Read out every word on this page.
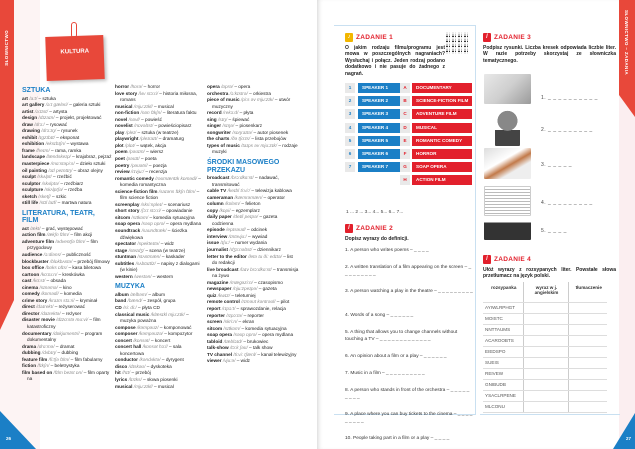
SŁOWNICTWO
26
KULTURA
SZTUKA
art /a:t/ – sztuka
art gallery /a:t gæləri/ – galeria sztuki
artist /a:tɪst/ – artysta
design /dɪzaɪn/ – projekt, projektować
draw /drɔ:/ – rysować
drawing /drɔ:ɪŋ/ – rysunek
exhibit /ɪgzɪbɪt/ – eksponat
exhibition /eksɪbɪʃn/ – wystawa
frame /freɪm/ – rama, ramka
landscape /lændskeɪp/ – krajobraz, pejzaż
masterpiece /mɑ:stəpi:s/ – dzieło sztuki
oil painting /ɔɪl peɪntɪŋ/ – obraz olejny
sculpt /skʌlpt/ – rzeźbić
sculptor /skʌlptə/ – rzeźbiarz
sculpture /skʌlptʃə/ – rzeźba
sketch /sketʃ/ – szkic
still life /stɪl laɪf/ – martwa natura
LITERATURA, TEATR, FILM
act /ækt/ – grać, występować
action film /ækʃn fɪlm/ – film akcji
adventure film /ədventʃə fɪlm/ – film przygodowy
audience /ɔ:diəns/ – publiczność
blockbuster /blɒkbʌstə/ – przebój filmowy
box office /bɒks ɒfɪs/ – kasa biletowa
cartoon /kɑ:tu:n/ – kreskówka
cast /kɑ:st/ – obsada
cinema /sɪnəmə/ – kino
comedy /kɒmədi/ – komedia
crime story /kraɪm stɔ:ri/ – kryminał
direct /daɪrekt/ – reżyserować
director /daɪrektə/ – reżyser
disaster movie /dɪzɑ:stə mu:vi/ – film katastroficzny
documentary /dɒkjumentri/ – program dokumentalny
drama /drɑ:mə/ – dramat
dubbing /dʌbɪŋ/ – dubbing
feature film /fi:tʃə fɪlm/ – film fabularny
fiction /fɪkʃn/ – beletrystyka
film based on /fɪlm beɪst ɒn/ – film oparty na
horror /hɒrə/ – horror
love story /lʌv stɔ:ri/ – historia miłosna, romans
musical /mju:zɪkl/ – musical
non-fiction /nɒn fɪkʃn/ – literatura faktu
novel /nɒvl/ – powieść
novelist /nɒvəlɪst/ – powieściopisarz
play /pleɪ/ – sztuka (w teatrze)
playwright /pleɪraɪt/ – dramaturg
plot /plɒt/ – wątek, akcja
poem /pəʊɪm/ – wiersz
poet /pəʊɪt/ – poeta
poetry /pəʊətri/ – poezja
review /rɪvju:/ – recenzja
romantic comedy /rəʊmæntɪk kɒmədi/ – komedia romantyczna
science-fiction film /saɪəns fɪkʃn fɪlm/ – film science fiction
screenplay /skri:npleɪ/ – scenariusz
short story /ʃɔ:t stɔ:ri/ – opowiadanie
sitcom /sɪtkɒm/ – komedia sytuacyjna
soap opera /səʊp ɒprə/ – opera mydlana
soundtrack /saʊndtræk/ – ścieżka dźwiękowa
spectator /spekteɪtə/ – widz
stage /steɪdʒ/ – scena (w teatrze)
stuntman /stʌntmæn/ – kaskader
subtitles /sʌbtaɪtlz/ – napisy z dialogami (w kinie)
western /westən/ – western
MUZYKA
album /ælbəm/ – album
band /bænd/ – zespół, grupa
CD /si: di:/ – płyta CD
classical music /klæsɪkl mju:zɪk/ – muzyka poważna
compose /kəmpəʊz/ – komponować
composer /kəmpəʊzə/ – kompozytor
concert /kɒnsət/ – koncert
concert hall /kɒnsət hɔ:l/ – sala koncertowa
conductor /kəndʌktə/ – dyrygent
disco /dɪskəʊ/ – dyskoteka
hit /hɪt/ – przebój
lyrics /lɪrɪks/ – słowa piosenki
musical /mju:zɪkl/ – musical
opera /ɒprə/ – opera
orchestra /ɔ:kɪstrə/ – orkiestra
piece of music /pi:s əv mju:zɪk/ – utwór muzyczny
record /rekɔ:d/ – płyta
sing /sɪŋ/ – śpiewać
singer /sɪŋə/ – piosenkarz
songwriter /sɒŋraɪtə/ – autor piosenek
the charts /ðə tʃɑ:ts/ – lista przebojów
types of music /taɪps əv mju:zɪk/ – rodzaje muzyki
ŚRODKI MASOWEGO PRZEKAZU
broadcast /brɔ:dkɑ:st/ – nadawać, transmitować
cable TV /keɪbl ti:vi:/ – telewizja kablowa
cameraman /kæmrəmæn/ – operator
column /kɒləm/ – felieton
copy /kɒpi/ – egzemplarz
daily paper /deɪli peɪpə/ – gazeta codzienna
episode /epɪsəʊd/ – odcinek
interview /ɪntəvju:/ – wywiad
issue /ɪʃu:/ – numer wydania
journalist /dʒɜ:nəlɪst/ – dziennikarz
letter to the editor /letə tu ði: edɪtə/ – list do redakcji
live broadcast /laɪv brɔ:dkɑ:st/ – transmisja na żywo
magazine /mægəzi:n/ – czasopismo
newspaper /nju:zpeɪpə/ – gazeta
quiz /kwɪz/ – teleturniej
remote control /rɪməʊt kəntrəʊl/ – pilot
report /rɪpɔ:t/ – sprawozdanie, relacja
reporter /rɪpɔ:tə/ – reporter
screen /skri:n/ – ekran
sitcom /sɪtkɒm/ – komedia sytuacyjna
soap opera /səʊp ɒprə/ – opera mydlana
tabloid /tæblɔɪd/ – brukowiec
talk-show /tɔ:k ʃəʊ/ – talk show
TV channel /ti:vi: tʃænl/ – kanał telewizyjny
viewer /vju:ə/ – widz
SŁOWNICTWO – ZADANIA
27
♪ ZADANIE 1
O jakim rodzaju filmu/programu jest mowa w poszczególnych nagraniach? Wysłuchaj i połącz. Jeden rodzaj podano dodatkowo i nie pasuje do żadnego z nagrań.
1	SPEAKER 1
2	SPEAKER 2
3	SPEAKER 3
4	SPEAKER 4
5	SPEAKER 5
6	SPEAKER 6
7	SPEAKER 7
A	DOCUMENTARY
B	SCIENCE-FICTION FILM
C	ADVENTURE FILM
D	MUSICAL
E	ROMANTIC COMEDY
F	HORROR
G	SOAP OPERA
H	ACTION FILM
1 ... 2 ... 3... 4... 5... 6... 7...
/ ZADANIE 2
Dopisz wyrazy do definicji.
1. A person who writes poems – _ _ _ _
2. A written translation of a film appearing on the screen – _ _ _ _ _ _ _ _ _
3. A person watching a play in the theatre – _ _ _ _ _ _ _ _ _
4. Words of a song – _ _ _ _ _ _
5. A thing that allows you to change channels without touching a TV – _ _ _ _ _ _ _ _ _ _ _ _ _
6. An opinion about a film or a play – _ _ _ _ _ _
7. Music in a film – _ _ _ _ _ _ _ _ _ _
8. A person who stands in front of the orchestra – _ _ _ _ _ _ _ _ _
9. A place where you can buy tickets to the cinema – _ _ _ _ _ _ _ _ _
10. People taking part in a film or a play – _ _ _ _
/ ZADANIE 3
Podpisz rysunki. Liczba kresek odpowiada liczbie liter. W razie potrzeby skorzystaj ze słowniczka tematycznego.
1. _ _ _ _ _ _ _ _ _ _
2. _ _ _ _ _ _ _ _ _
3. _ _ _ _ _
4. _ _ _ _ _ _ _ _ _
5. _ _ _ _
/ ZADANIE 4
Ułóż wyrazy z rozsypanych liter. Powstałe słowa przetłumacz na język polski.
rozsypanka	wyraz w j. angielskim	tłumaczenie
AYIWLRPHGT		
MOISTC		
NNTTAUMS		
ACAROOBTS		
EIEDSPO		
SUEIS		
REIVEW		
GNIBUDB		
YSACLRPENE		
MLCONU		
